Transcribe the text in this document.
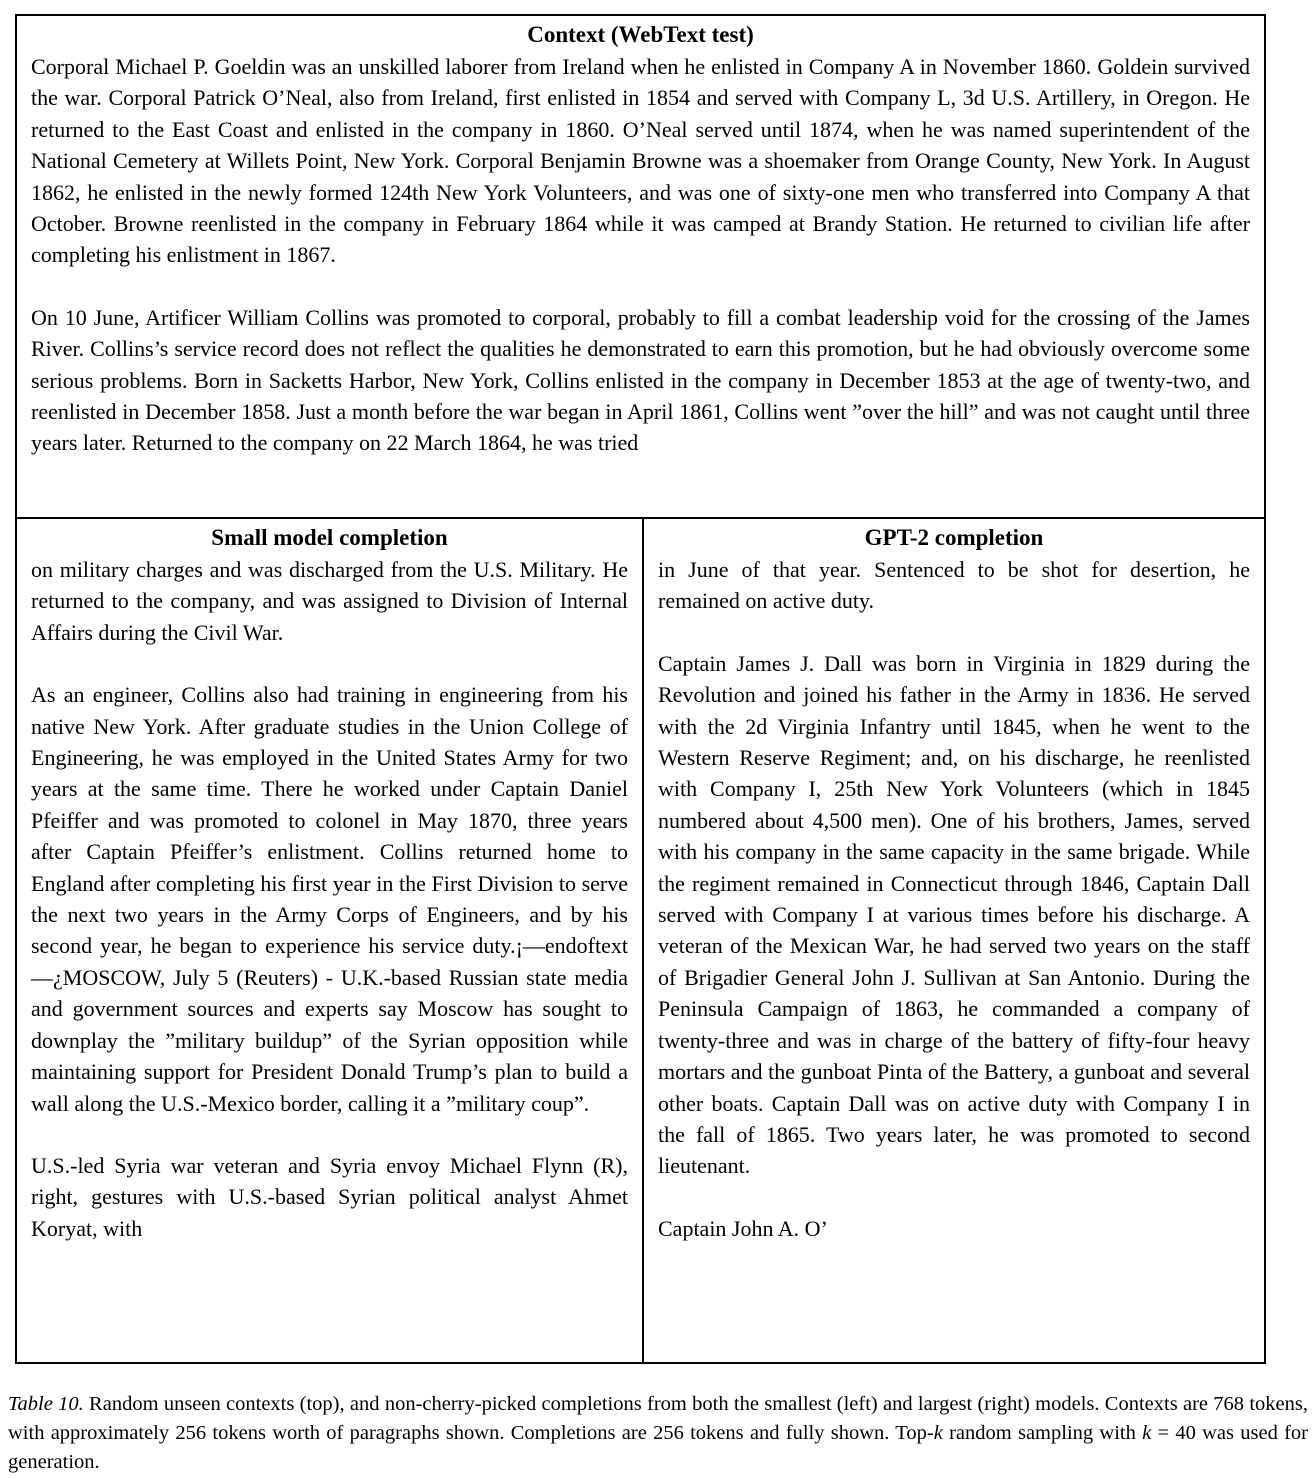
Context (WebText test)

Corporal Michael P. Goeldin was an unskilled laborer from Ireland when he enlisted in Company A in November 1860. Goldein survived the war. Corporal Patrick O’Neal, also from Ireland, first enlisted in 1854 and served with Company L, 3d U.S. Artillery, in Oregon. He returned to the East Coast and enlisted in the company in 1860. O’Neal served until 1874, when he was named superintendent of the National Cemetery at Willets Point, New York. Corporal Benjamin Browne was a shoemaker from Orange County, New York. In August 1862, he enlisted in the newly formed 124th New York Volunteers, and was one of sixty-one men who transferred into Company A that October. Browne reenlisted in the company in February 1864 while it was camped at Brandy Station. He returned to civilian life after completing his enlistment in 1867.

On 10 June, Artificer William Collins was promoted to corporal, probably to fill a combat leadership void for the crossing of the James River. Collins’s service record does not reflect the qualities he demonstrated to earn this promotion, but he had obviously overcome some serious problems. Born in Sacketts Harbor, New York, Collins enlisted in the company in December 1853 at the age of twenty-two, and reenlisted in December 1858. Just a month before the war began in April 1861, Collins went ”over the hill” and was not caught until three years later. Returned to the company on 22 March 1864, he was tried

Small model completion

on military charges and was discharged from the U.S. Military. He returned to the company, and was assigned to Division of Internal Affairs during the Civil War.

As an engineer, Collins also had training in engineering from his native New York. After graduate studies in the Union College of Engineering, he was employed in the United States Army for two years at the same time. There he worked under Captain Daniel Pfeiffer and was promoted to colonel in May 1870, three years after Captain Pfeiffer’s enlistment. Collins returned home to England after completing his first year in the First Division to serve the next two years in the Army Corps of Engineers, and by his second year, he began to experience his service duty.¡—endoftext—¿MOSCOW, July 5 (Reuters) - U.K.-based Russian state media and government sources and experts say Moscow has sought to downplay the ”military buildup” of the Syrian opposition while maintaining support for President Donald Trump’s plan to build a wall along the U.S.-Mexico border, calling it a ”military coup”.

U.S.-led Syria war veteran and Syria envoy Michael Flynn (R), right, gestures with U.S.-based Syrian political analyst Ahmet Koryat, with

GPT-2 completion

in June of that year. Sentenced to be shot for desertion, he remained on active duty.

Captain James J. Dall was born in Virginia in 1829 during the Revolution and joined his father in the Army in 1836. He served with the 2d Virginia Infantry until 1845, when he went to the Western Reserve Regiment; and, on his discharge, he reenlisted with Company I, 25th New York Volunteers (which in 1845 numbered about 4,500 men). One of his brothers, James, served with his company in the same capacity in the same brigade. While the regiment remained in Connecticut through 1846, Captain Dall served with Company I at various times before his discharge. A veteran of the Mexican War, he had served two years on the staff of Brigadier General John J. Sullivan at San Antonio. During the Peninsula Campaign of 1863, he commanded a company of twenty-three and was in charge of the battery of fifty-four heavy mortars and the gunboat Pinta of the Battery, a gunboat and several other boats. Captain Dall was on active duty with Company I in the fall of 1865. Two years later, he was promoted to second lieutenant.

Captain John A. O’

Table 10. Random unseen contexts (top), and non-cherry-picked completions from both the smallest (left) and largest (right) models. Contexts are 768 tokens, with approximately 256 tokens worth of paragraphs shown. Completions are 256 tokens and fully shown. Top-k random sampling with k = 40 was used for generation.
